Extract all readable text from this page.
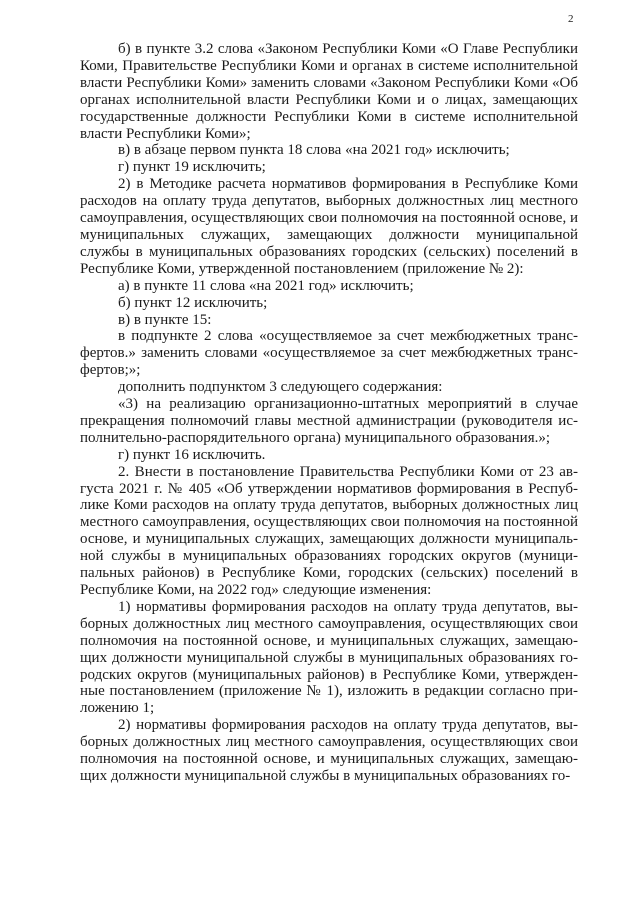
2

б) в пункте 3.2 слова «Законом Республики Коми «О Главе Республики Коми, Правительстве Республики Коми и органах в системе исполнительной власти Республики Коми» заменить словами «Законом Республики Коми «Об органах исполнительной власти Республики Коми и о лицах, замещающих государственные должности Республики Коми в системе исполнительной власти Республики Коми»;

в) в абзаце первом пункта 18 слова «на 2021 год» исключить;

г) пункт 19 исключить;

2) в Методике расчета нормативов формирования в Республике Коми расходов на оплату труда депутатов, выборных должностных лиц местного самоуправления, осуществляющих свои полномочия на постоянной основе, и муниципальных служащих, замещающих должности муниципальной службы в муниципальных образованиях городских (сельских) поселений в Республике Коми, утвержденной постановлением (приложение № 2):

а) в пункте 11 слова «на 2021 год» исключить;

б) пункт 12 исключить;

в) в пункте 15:

в подпункте 2 слова «осуществляемое за счет межбюджетных трансфертов.» заменить словами «осуществляемое за счет межбюджетных трансфертов;»;

дополнить подпунктом 3 следующего содержания:

«3) на реализацию организационно-штатных мероприятий в случае прекращения полномочий главы местной администрации (руководителя исполнительно-распорядительного органа) муниципального образования.»;

г) пункт 16 исключить.

2. Внести в постановление Правительства Республики Коми от 23 августа 2021 г. № 405 «Об утверждении нормативов формирования в Республике Коми расходов на оплату труда депутатов, выборных должностных лиц местного самоуправления, осуществляющих свои полномочия на постоянной основе, и муниципальных служащих, замещающих должности муниципальной службы в муниципальных образованиях городских округов (муниципальных районов) в Республике Коми, городских (сельских) поселений в Республике Коми, на 2022 год» следующие изменения:

1) нормативы формирования расходов на оплату труда депутатов, выборных должностных лиц местного самоуправления, осуществляющих свои полномочия на постоянной основе, и муниципальных служащих, замещающих должности муниципальной службы в муниципальных образованиях городских округов (муниципальных районов) в Республике Коми, утвержденные постановлением (приложение № 1), изложить в редакции согласно приложению 1;

2) нормативы формирования расходов на оплату труда депутатов, выборных должностных лиц местного самоуправления, осуществляющих свои полномочия на постоянной основе, и муниципальных служащих, замещающих должности муниципальной службы в муниципальных образованиях го-
